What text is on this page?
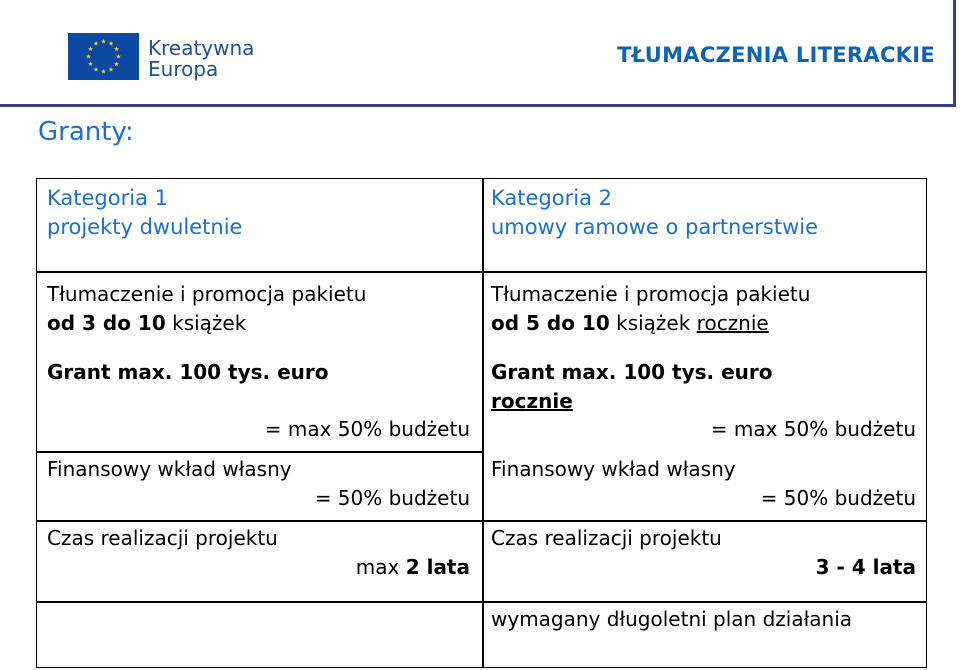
Kreatywna
Europa
TŁUMACZENIA LITERACKIE
Granty:
Kategoria 1
projekty dwuletnie
Tłumaczenie i promocja pakietu
od 3 do 10 książek
Grant max. 100 tys. euro
= max 50% budżetu
Finansowy wkład własny
= 50% budżetu
Czas realizacji projektu
max 2 lata
Kategoria 2
umowy ramowe o partnerstwie
Tłumaczenie i promocja pakietu
od 5 do 10 książek rocznie
Grant max. 100 tys. euro
rocznie
= max 50% budżetu
Finansowy wkład własny
= 50% budżetu
Czas realizacji projektu
3 - 4 lata
wymagany długoletni plan działania
